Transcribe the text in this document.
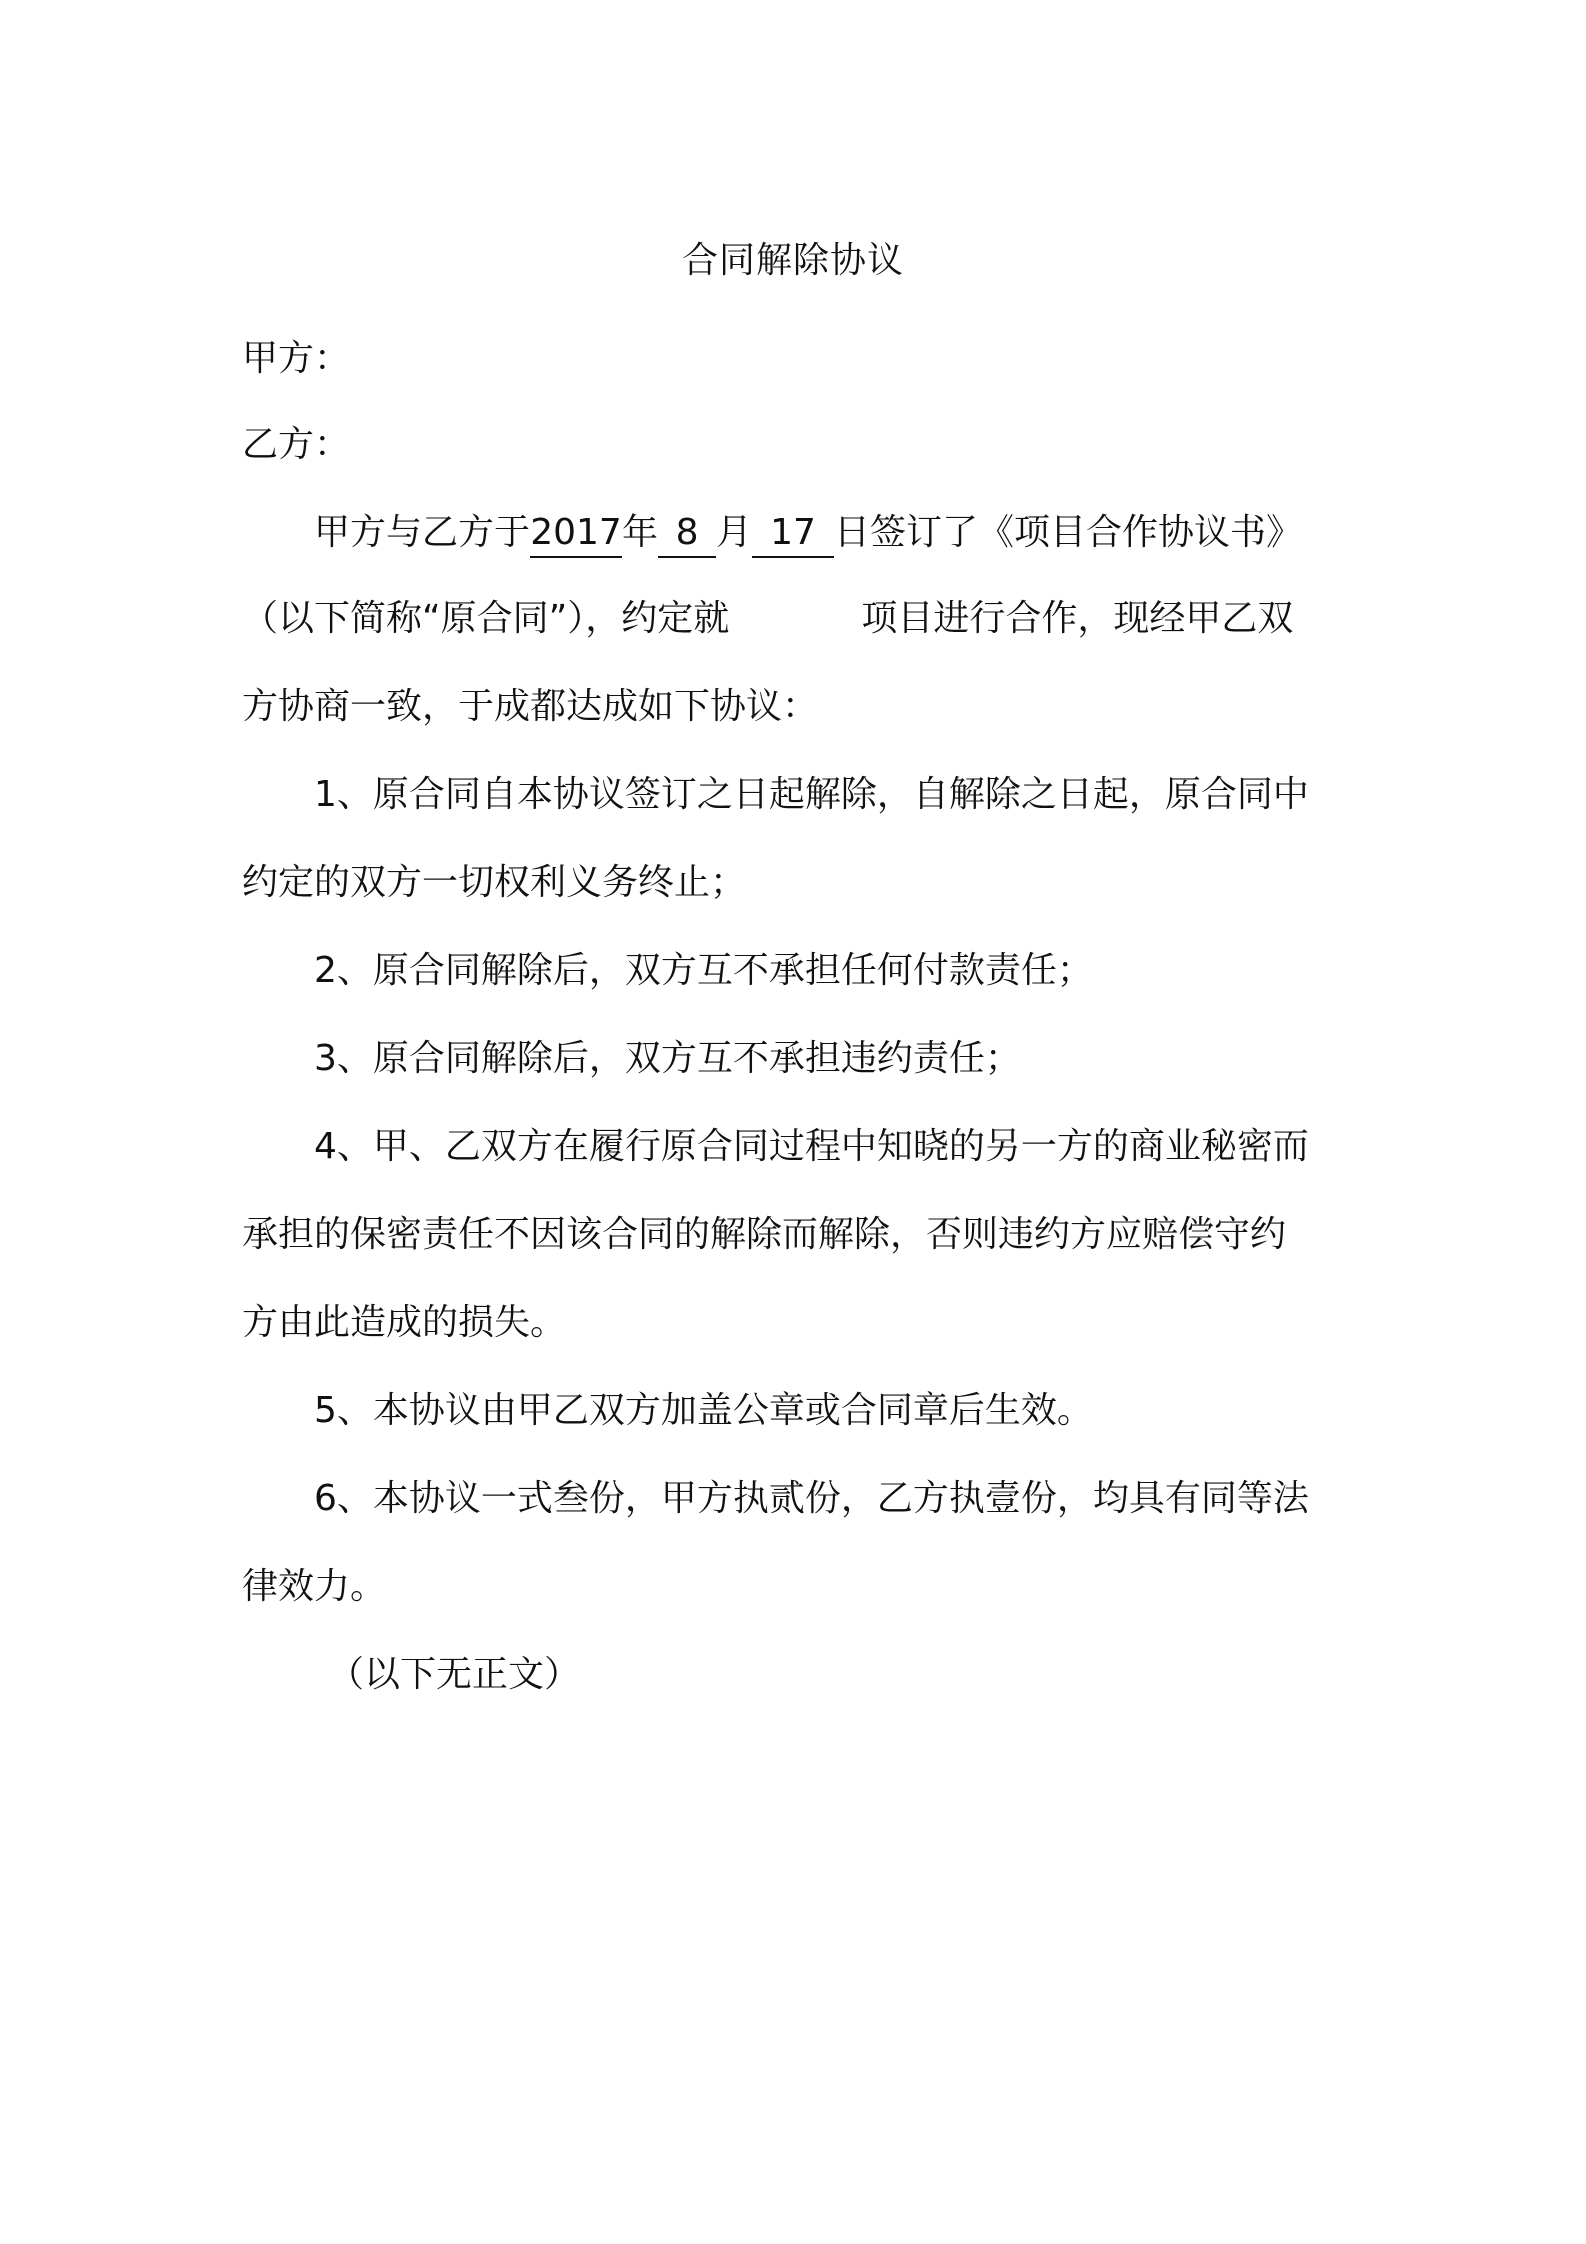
合同解除协议
甲方：
乙方：
甲方与乙方于2017年 8 月 17 日签订了《项目合作协议书》
（以下简称“原合同”），约定就	项目进行合作，现经甲乙双
方协商一致，于成都达成如下协议：
1、原合同自本协议签订之日起解除，自解除之日起，原合同中
约定的双方一切权利义务终止；
2、原合同解除后，双方互不承担任何付款责任；
3、原合同解除后，双方互不承担违约责任；
4、甲、乙双方在履行原合同过程中知晓的另一方的商业秘密而
承担的保密责任不因该合同的解除而解除，否则违约方应赔偿守约
方由此造成的损失。
5、本协议由甲乙双方加盖公章或合同章后生效。
6、本协议一式叁份，甲方执贰份，乙方执壹份，均具有同等法
律效力。
（以下无正文）
